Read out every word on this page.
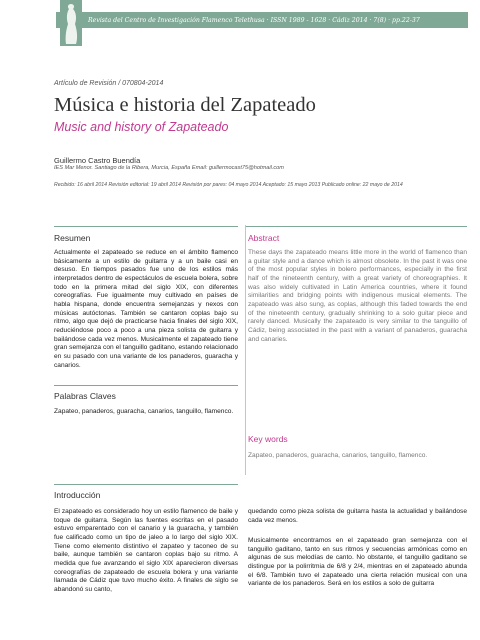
Revista del Centro de Investigación Flamenco Telethusa · ISSN 1989 - 1628 · Cádiz 2014 · 7(8) · pp.22-37
Artículo de Revisión / 070804-2014
Música e historia del Zapateado
Music and history of Zapateado
Guillermo Castro Buendía
IES Mar Menor. Santiago de la Ribera, Murcia, España Email: guillermocast75@hotmail.com
Recibido: 16 abril 2014 Revisión editorial: 19 abril 2014 Revisión por pares: 04 mayo 2014 Aceptado: 15 mayo 2013 Publicado online: 22 mayo de 2014
Resumen
Actualmente el zapateado se reduce en el ámbito flamenco básicamente a un estilo de guitarra y a un baile casi en desuso. En tiempos pasados fue uno de los estilos más interpretados dentro de espectáculos de escuela bolera, sobre todo en la primera mitad del siglo XIX, con diferentes coreografías. Fue igualmente muy cultivado en países de habla hispana, donde encuentra semejanzas y nexos con músicas autóctonas. También se cantaron coplas bajo su ritmo, algo que dejó de practicarse hacia finales del siglo XIX, reduciéndose poco a poco a una pieza solista de guitarra y bailándose cada vez menos. Musicalmente el zapateado tiene gran semejanza con el tanguillo gaditano, estando relacionado en su pasado con una variante de los panaderos, guaracha y canarios.
Palabras Claves
Zapateo, panaderos, guaracha, canarios, tanguillo, flamenco.
Abstract
These days the zapateado means little more in the world of flamenco than a guitar style and a dance which is almost obsolete. In the past it was one of the most popular styles in bolero performances, especially in the first half of the nineteenth century, with a great variety of choreographies. It was also widely cultivated in Latin America countries, where it found similarities and bridging points with indigenous musical elements. The zapateado was also sung, as coplas, although this faded towards the end of the nineteenth century, gradually shrinking to a solo guitar piece and rarely danced. Musically the zapateado is very similar to the tanguillo of Cádiz, being associated in the past with a variant of panaderos, guaracha and canaries.
Key words
Zapateo, panaderos, guaracha, canarios, tanguillo, flamenco.
Introducción
El zapateado es considerado hoy un estilo flamenco de baile y toque de guitarra. Según las fuentes escritas en el pasado estuvo emparentado con el canario y la guaracha, y también fue calificado como un tipo de jaleo a lo largo del siglo XIX. Tiene como elemento distintivo el zapateo y taconeo de su baile, aunque también se cantaron coplas bajo su ritmo. A medida que fue avanzando el siglo XIX aparecieron diversas coreografías de zapateado de escuela bolera y una variante llamada de Cádiz que tuvo mucho éxito. A finales de siglo se abandonó su canto,
quedando como pieza solista de guitarra hasta la actualidad y bailándose cada vez menos.
Musicalmente encontramos en el zapateado gran semejanza con el tanguillo gaditano, tanto en sus ritmos y secuencias armónicas como en algunas de sus melodías de canto. No obstante, el tanguillo gaditano se distingue por la polirritmia de 6/8 y 2/4, mientras en el zapateado abunda el 6/8. También tuvo el zapateado una cierta relación musical con una variante de los panaderos. Será en los estilos a solo de guitarra
